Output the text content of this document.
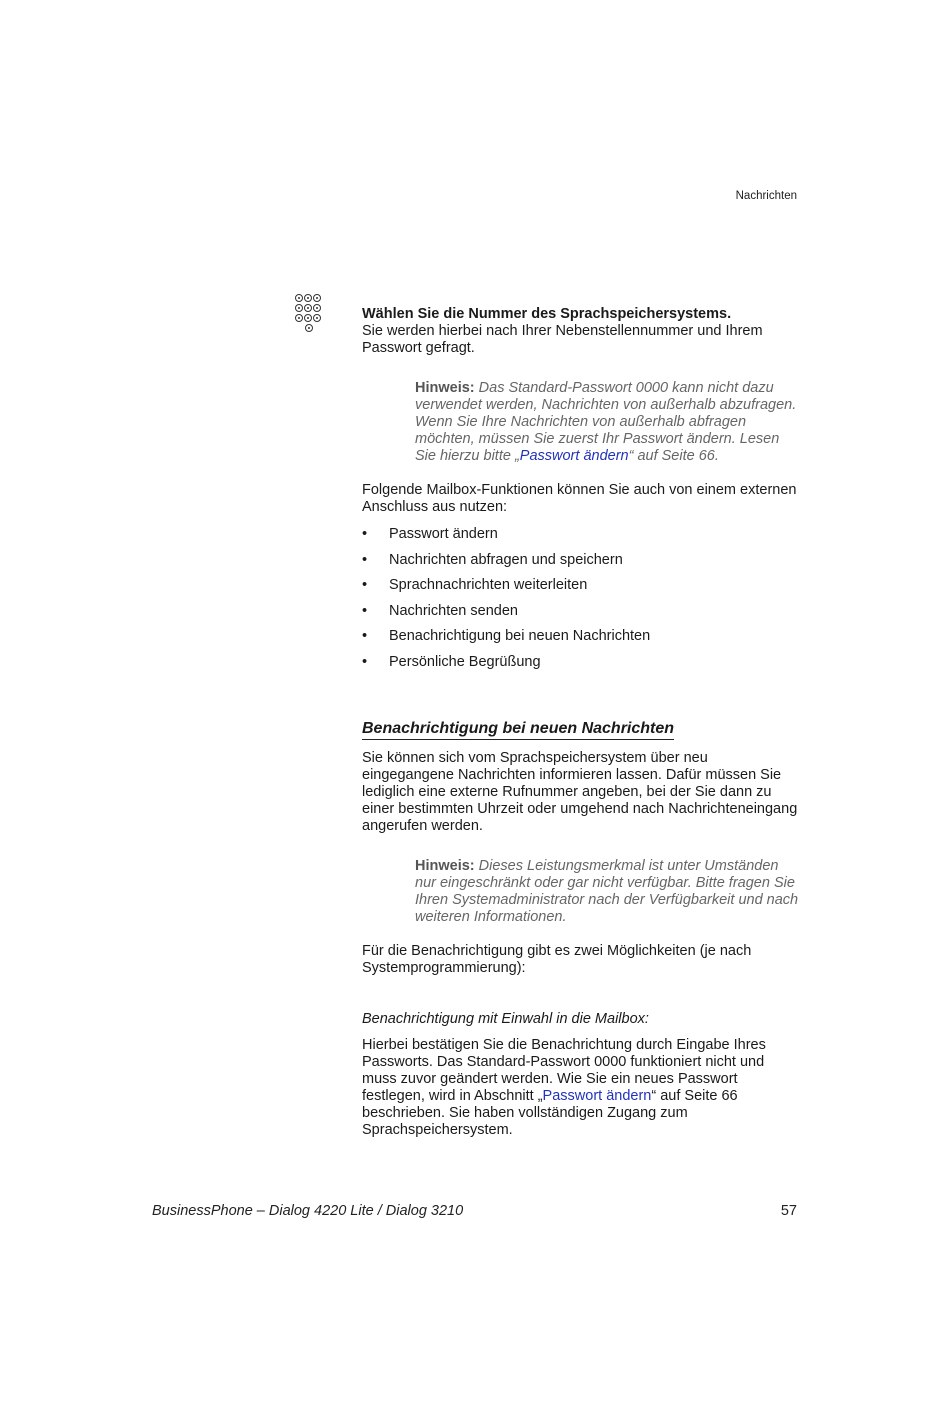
Nachrichten

Wählen Sie die Nummer des Sprachspeichersystems.

Sie werden hierbei nach Ihrer Nebenstellennummer und Ihrem Passwort gefragt.

Hinweis: Das Standard-Passwort 0000 kann nicht dazu verwendet werden, Nachrichten von außerhalb abzufragen. Wenn Sie Ihre Nachrichten von außerhalb abfragen möchten, müssen Sie zuerst Ihr Passwort ändern. Lesen Sie hierzu bitte „Passwort ändern“ auf Seite 66.

Folgende Mailbox-Funktionen können Sie auch von einem externen Anschluss aus nutzen:

• Passwort ändern
• Nachrichten abfragen und speichern
• Sprachnachrichten weiterleiten
• Nachrichten senden
• Benachrichtigung bei neuen Nachrichten
• Persönliche Begrüßung
Benachrichtigung bei neuen Nachrichten

Sie können sich vom Sprachspeichersystem über neu eingegangene Nachrichten informieren lassen. Dafür müssen Sie lediglich eine externe Rufnummer angeben, bei der Sie dann zu einer bestimmten Uhrzeit oder umgehend nach Nachrichteneingang angerufen werden.

Hinweis: Dieses Leistungsmerkmal ist unter Umständen nur eingeschränkt oder gar nicht verfügbar. Bitte fragen Sie Ihren Systemadministrator nach der Verfügbarkeit und nach weiteren Informationen.

Für die Benachrichtigung gibt es zwei Möglichkeiten (je nach Systemprogrammierung):

Benachrichtigung mit Einwahl in die Mailbox:

Hierbei bestätigen Sie die Benachrichtung durch Eingabe Ihres Passworts. Das Standard-Passwort 0000 funktioniert nicht und muss zuvor geändert werden. Wie Sie ein neues Passwort festlegen, wird in Abschnitt „Passwort ändern“ auf Seite 66 beschrieben. Sie haben vollständigen Zugang zum Sprachspeichersystem.

BusinessPhone – Dialog 4220 Lite / Dialog 3210	57
